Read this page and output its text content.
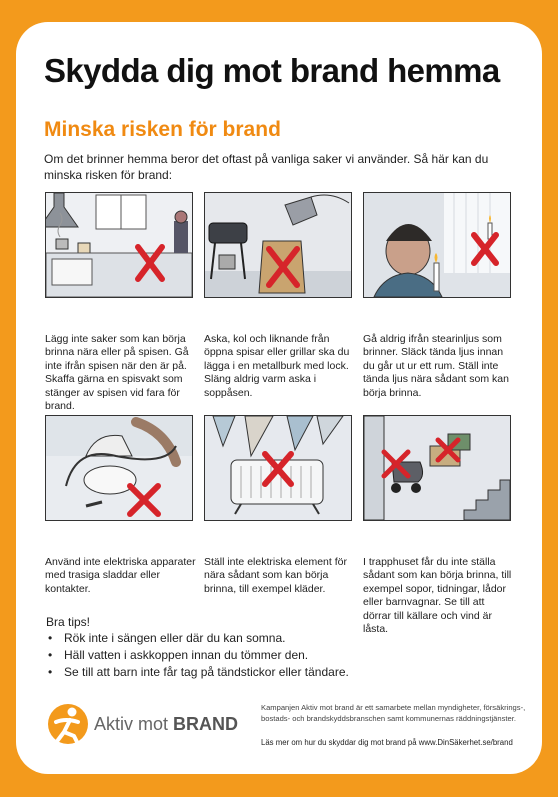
Skydda dig mot brand hemma
Minska risken för brand
Om det brinner hemma beror det oftast på vanliga saker vi använder. Så här kan du minska risken för brand:
Lägg inte saker som kan börja brinna nära eller på spisen. Gå inte ifrån spisen när den är på. Skaffa gärna en spisvakt som stänger av spisen vid fara för brand.
Aska, kol och liknande från öppna spisar eller grillar ska du lägga i en metallburk med lock. Släng aldrig varm aska i soppåsen.
Gå aldrig ifrån stearinljus som brinner. Släck tända ljus innan du går ut ur ett rum. Ställ inte tända ljus nära sådant som kan börja brinna.
Använd inte elektriska apparater med trasiga sladdar eller kontakter.
Ställ inte elektriska element för nära sådant som kan börja brinna, till exempel kläder.
I trapphuset får du inte ställa sådant som kan börja brinna, till exempel sopor, tidningar, lådor eller barnvagnar. Se till att dörrar till källare och vind är låsta.
Bra tips!
• Rök inte i sängen eller där du kan somna.
• Häll vatten i askkoppen innan du tömmer den.
• Se till att barn inte får tag på tändstickor eller tändare.
Aktiv mot BRAND
Kampanjen Aktiv mot brand är ett samarbete mellan myndigheter, försäkrings-, bostads- och brandskyddsbranschen samt kommunernas räddningstjänster.
Läs mer om hur du skyddar dig mot brand på www.DinSäkerhet.se/brand
